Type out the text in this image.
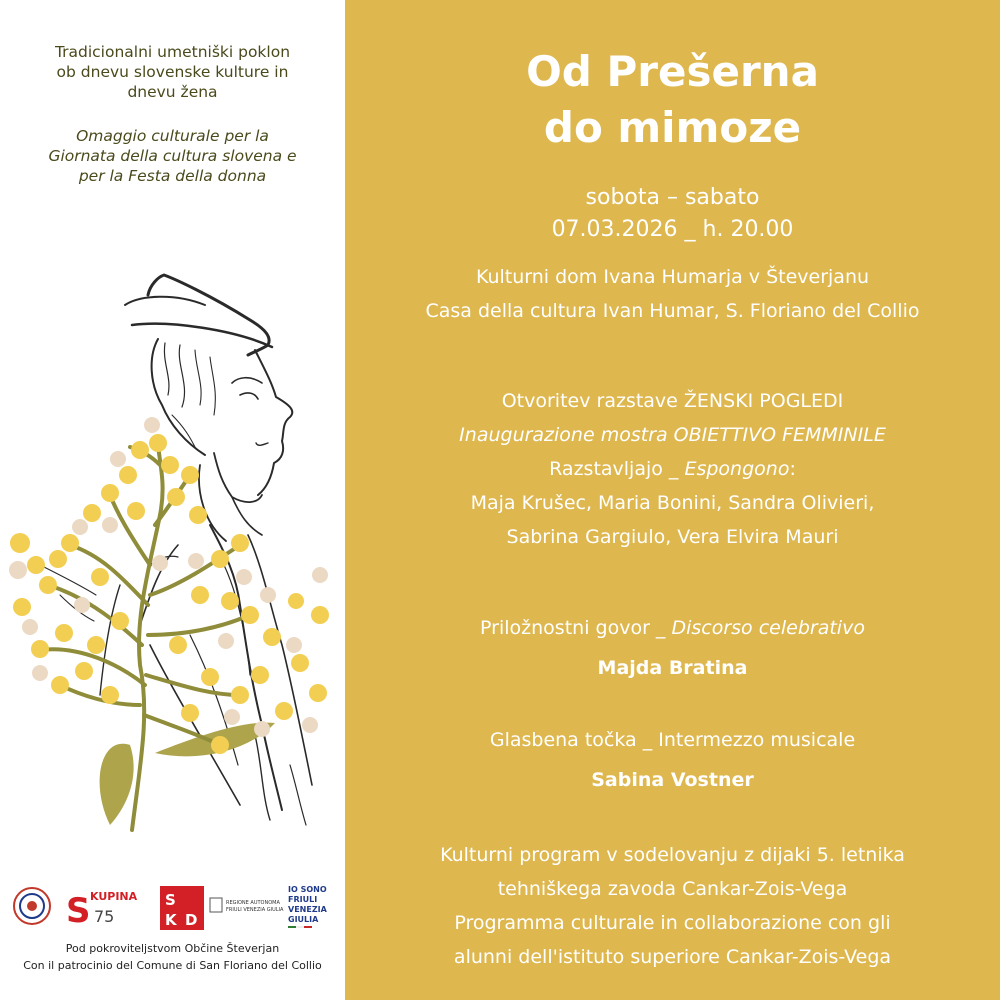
Tradicionalni umetniški poklon
ob dnevu slovenske kulture in
dnevu žena
Omaggio culturale per la
Giornata della cultura slovena e
per la Festa della donna
S KUPINA
75
S
K D
REGIONE AUTONOMA
FRIULI VENEZIA GIULIA
IO SONO
FRIULI
VENEZIA
GIULIA
Pod pokroviteljstvom Občine Števerjan
Con il patrocinio del Comune di San Floriano del Collio
Od Prešerna
do mimoze
sobota – sabato
07.03.2026 _ h. 20.00
Kulturni dom Ivana Humarja v Števerjanu
Casa della cultura Ivan Humar, S. Floriano del Collio
Otvoritev razstave ŽENSKI POGLEDI
Inaugurazione mostra OBIETTIVO FEMMINILE
Razstavljajo _ Espongono:
Maja Krušec, Maria Bonini, Sandra Olivieri,
Sabrina Gargiulo, Vera Elvira Mauri
Priložnostni govor _ Discorso celebrativo
Majda Bratina
Glasbena točka _ Intermezzo musicale
Sabina Vostner
Kulturni program v sodelovanju z dijaki 5. letnika
tehniškega zavoda Cankar-Zois-Vega
Programma culturale in collaborazione con gli
alunni dell'istituto superiore Cankar-Zois-Vega
